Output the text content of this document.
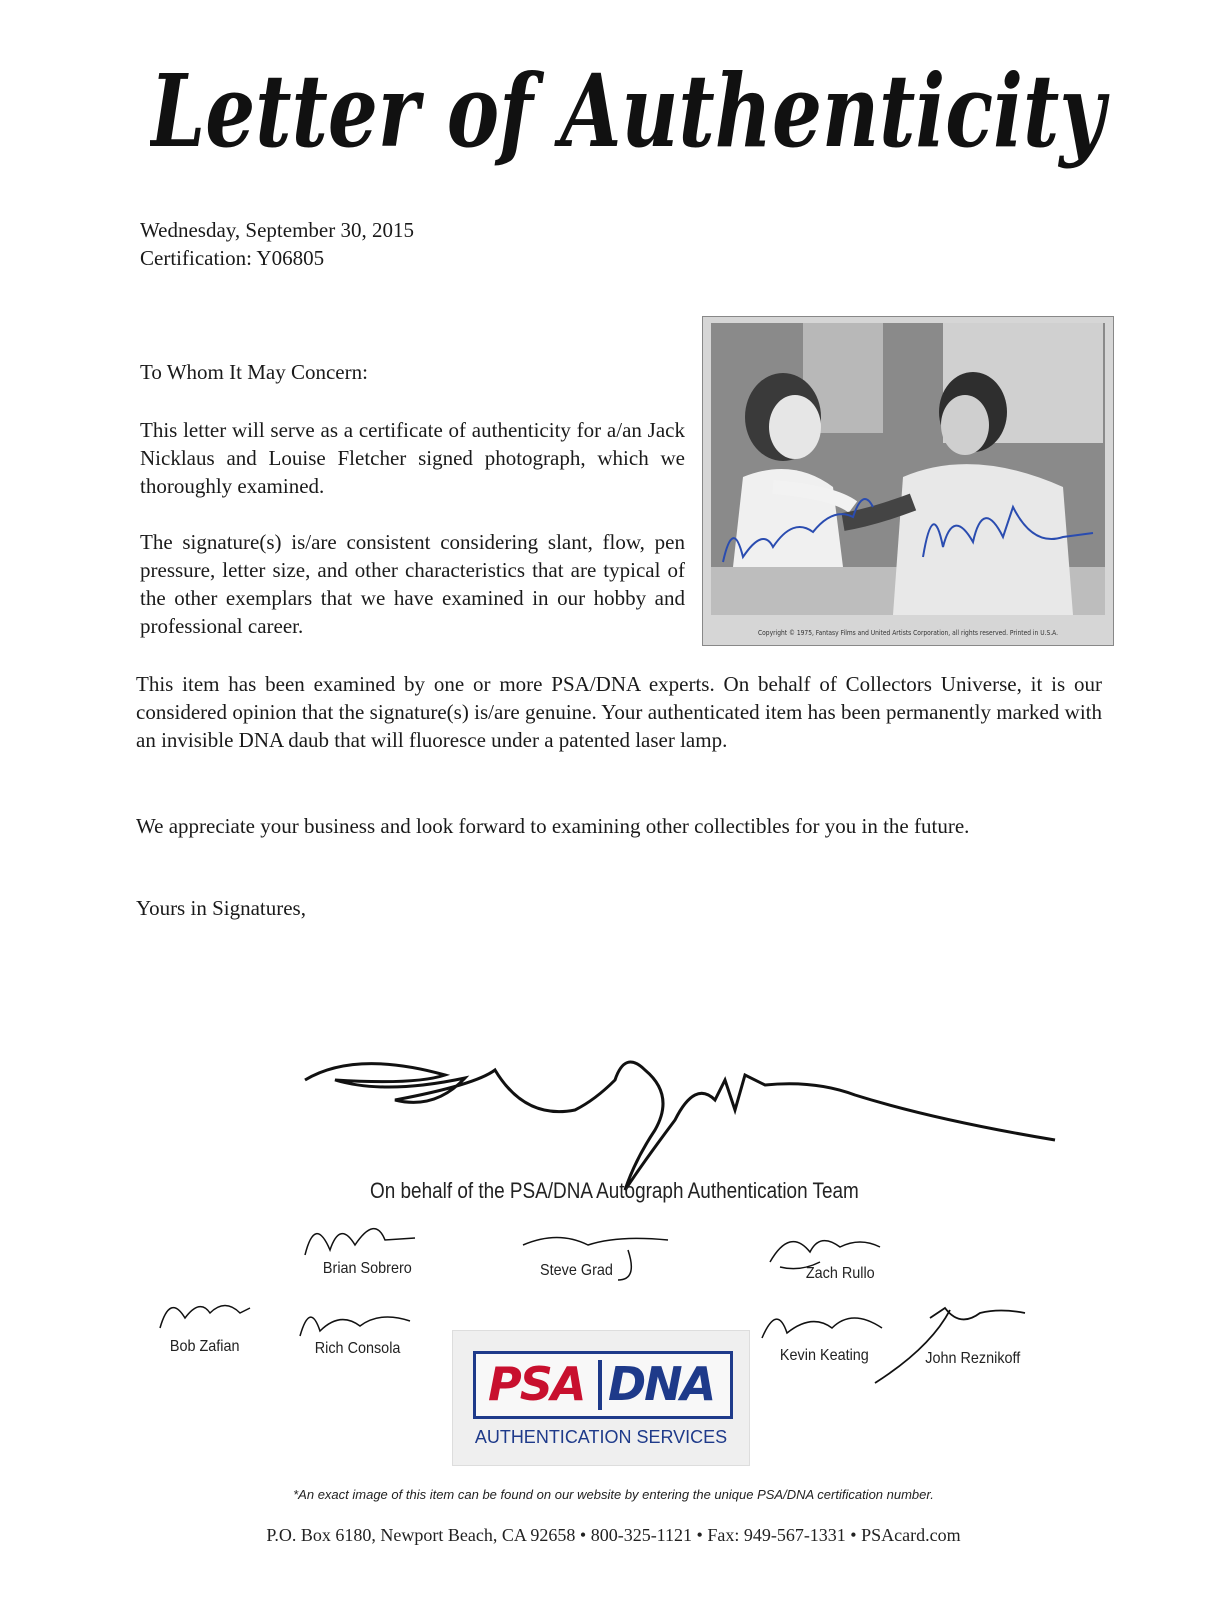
Letter of Authenticity
Wednesday, September 30, 2015
Certification: Y06805

To Whom It May Concern:

This letter will serve as a certificate of authenticity for a/an Jack Nicklaus and Louise Fletcher signed photograph, which we thoroughly examined.

The signature(s) is/are consistent considering slant, flow, pen pressure, letter size, and other characteristics that are typical of the other exemplars that we have examined in our hobby and professional career.

This item has been examined by one or more PSA/DNA experts. On behalf of Collectors Universe, it is our considered opinion that the signature(s) is/are genuine. Your authenticated item has been permanently marked with an invisible DNA daub that will fluoresce under a patented laser lamp.

We appreciate your business and look forward to examining other collectibles for you in the future.

Yours in Signatures,

Copyright © 1975, Fantasy Films and United Artists Corporation, all rights reserved. Printed in U.S.A.
On behalf of the PSA/DNA Autograph Authentication Team
Brian Sobrero	Steve Grad	Zach Rullo
Bob Zafian	Rich Consola	Kevin Keating	John Reznikoff
PSA DNA
AUTHENTICATION SERVICES
*An exact image of this item can be found on our website by entering the unique PSA/DNA certification number.
P.O. Box 6180, Newport Beach, CA 92658 • 800-325-1121 • Fax: 949-567-1331 • PSAcard.com
